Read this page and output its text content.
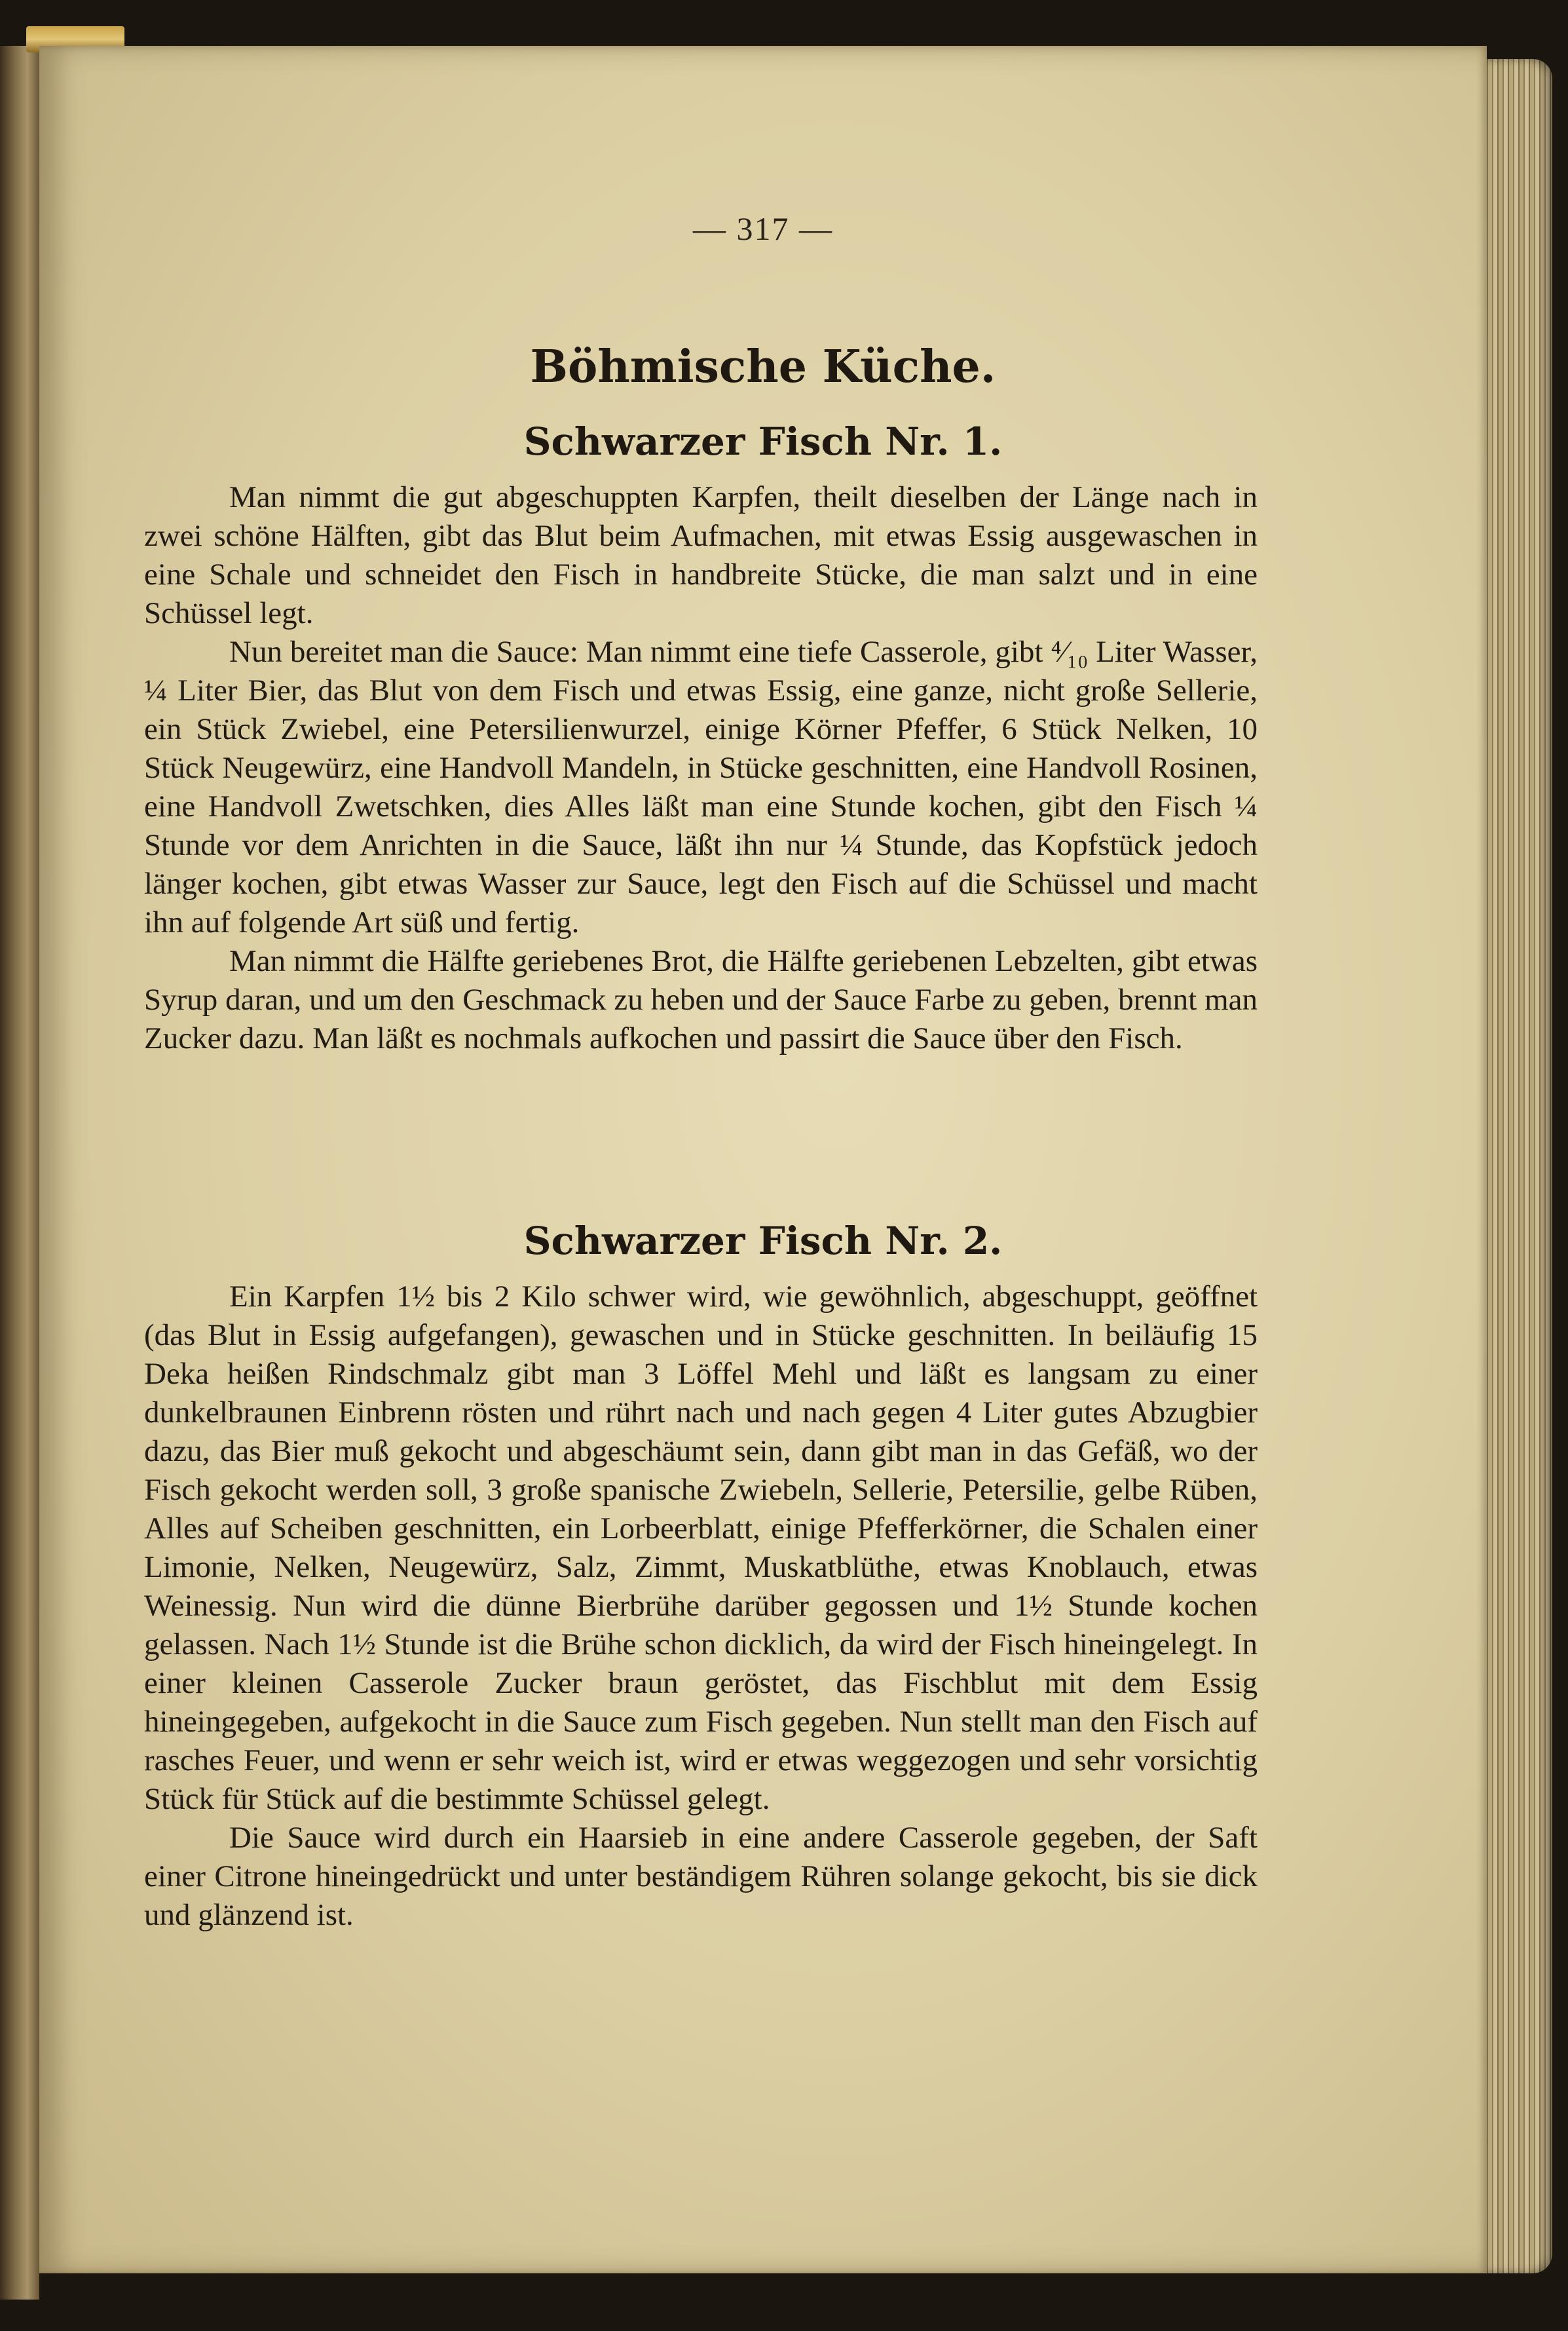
— 317 —
Böhmische Küche.
Schwarzer Fisch Nr. 1.

Man nimmt die gut abgeschuppten Karpfen, theilt dieselben der Länge nach in zwei schöne Hälften, gibt das Blut beim Aufmachen, mit etwas Essig ausgewaschen in eine Schale und schneidet den Fisch in handbreite Stücke, die man salzt und in eine Schüssel legt.

Nun bereitet man die Sauce: Man nimmt eine tiefe Casserole, gibt ⁴⁄₁₀ Liter Wasser, ¼ Liter Bier, das Blut von dem Fisch und etwas Essig, eine ganze, nicht große Sellerie, ein Stück Zwiebel, eine Petersilienwurzel, einige Körner Pfeffer, 6 Stück Nelken, 10 Stück Neugewürz, eine Handvoll Mandeln, in Stücke geschnitten, eine Handvoll Rosinen, eine Handvoll Zwetschken, dies Alles läßt man eine Stunde kochen, gibt den Fisch ¼ Stunde vor dem Anrichten in die Sauce, läßt ihn nur ¼ Stunde, das Kopfstück jedoch länger kochen, gibt etwas Wasser zur Sauce, legt den Fisch auf die Schüssel und macht ihn auf folgende Art süß und fertig.

Man nimmt die Hälfte geriebenes Brot, die Hälfte geriebenen Lebzelten, gibt etwas Syrup daran, und um den Geschmack zu heben und der Sauce Farbe zu geben, brennt man Zucker dazu. Man läßt es nochmals aufkochen und passirt die Sauce über den Fisch.

Schwarzer Fisch Nr. 2.

Ein Karpfen 1½ bis 2 Kilo schwer wird, wie gewöhnlich, abgeschuppt, geöffnet (das Blut in Essig aufgefangen), gewaschen und in Stücke geschnitten. In beiläufig 15 Deka heißen Rindschmalz gibt man 3 Löffel Mehl und läßt es langsam zu einer dunkelbraunen Einbrenn rösten und rührt nach und nach gegen 4 Liter gutes Abzugbier dazu, das Bier muß gekocht und abgeschäumt sein, dann gibt man in das Gefäß, wo der Fisch gekocht werden soll, 3 große spanische Zwiebeln, Sellerie, Petersilie, gelbe Rüben, Alles auf Scheiben geschnitten, ein Lorbeerblatt, einige Pfefferkörner, die Schalen einer Limonie, Nelken, Neugewürz, Salz, Zimmt, Muskatblüthe, etwas Knoblauch, etwas Weinessig. Nun wird die dünne Bierbrühe darüber gegossen und 1½ Stunde kochen gelassen. Nach 1½ Stunde ist die Brühe schon dicklich, da wird der Fisch hineingelegt. In einer kleinen Casserole Zucker braun geröstet, das Fischblut mit dem Essig hineingegeben, aufgekocht in die Sauce zum Fisch gegeben. Nun stellt man den Fisch auf rasches Feuer, und wenn er sehr weich ist, wird er etwas weggezogen und sehr vorsichtig Stück für Stück auf die bestimmte Schüssel gelegt.

Die Sauce wird durch ein Haarsieb in eine andere Casserole gegeben, der Saft einer Citrone hineingedrückt und unter beständigem Rühren solange gekocht, bis sie dick und glänzend ist.
